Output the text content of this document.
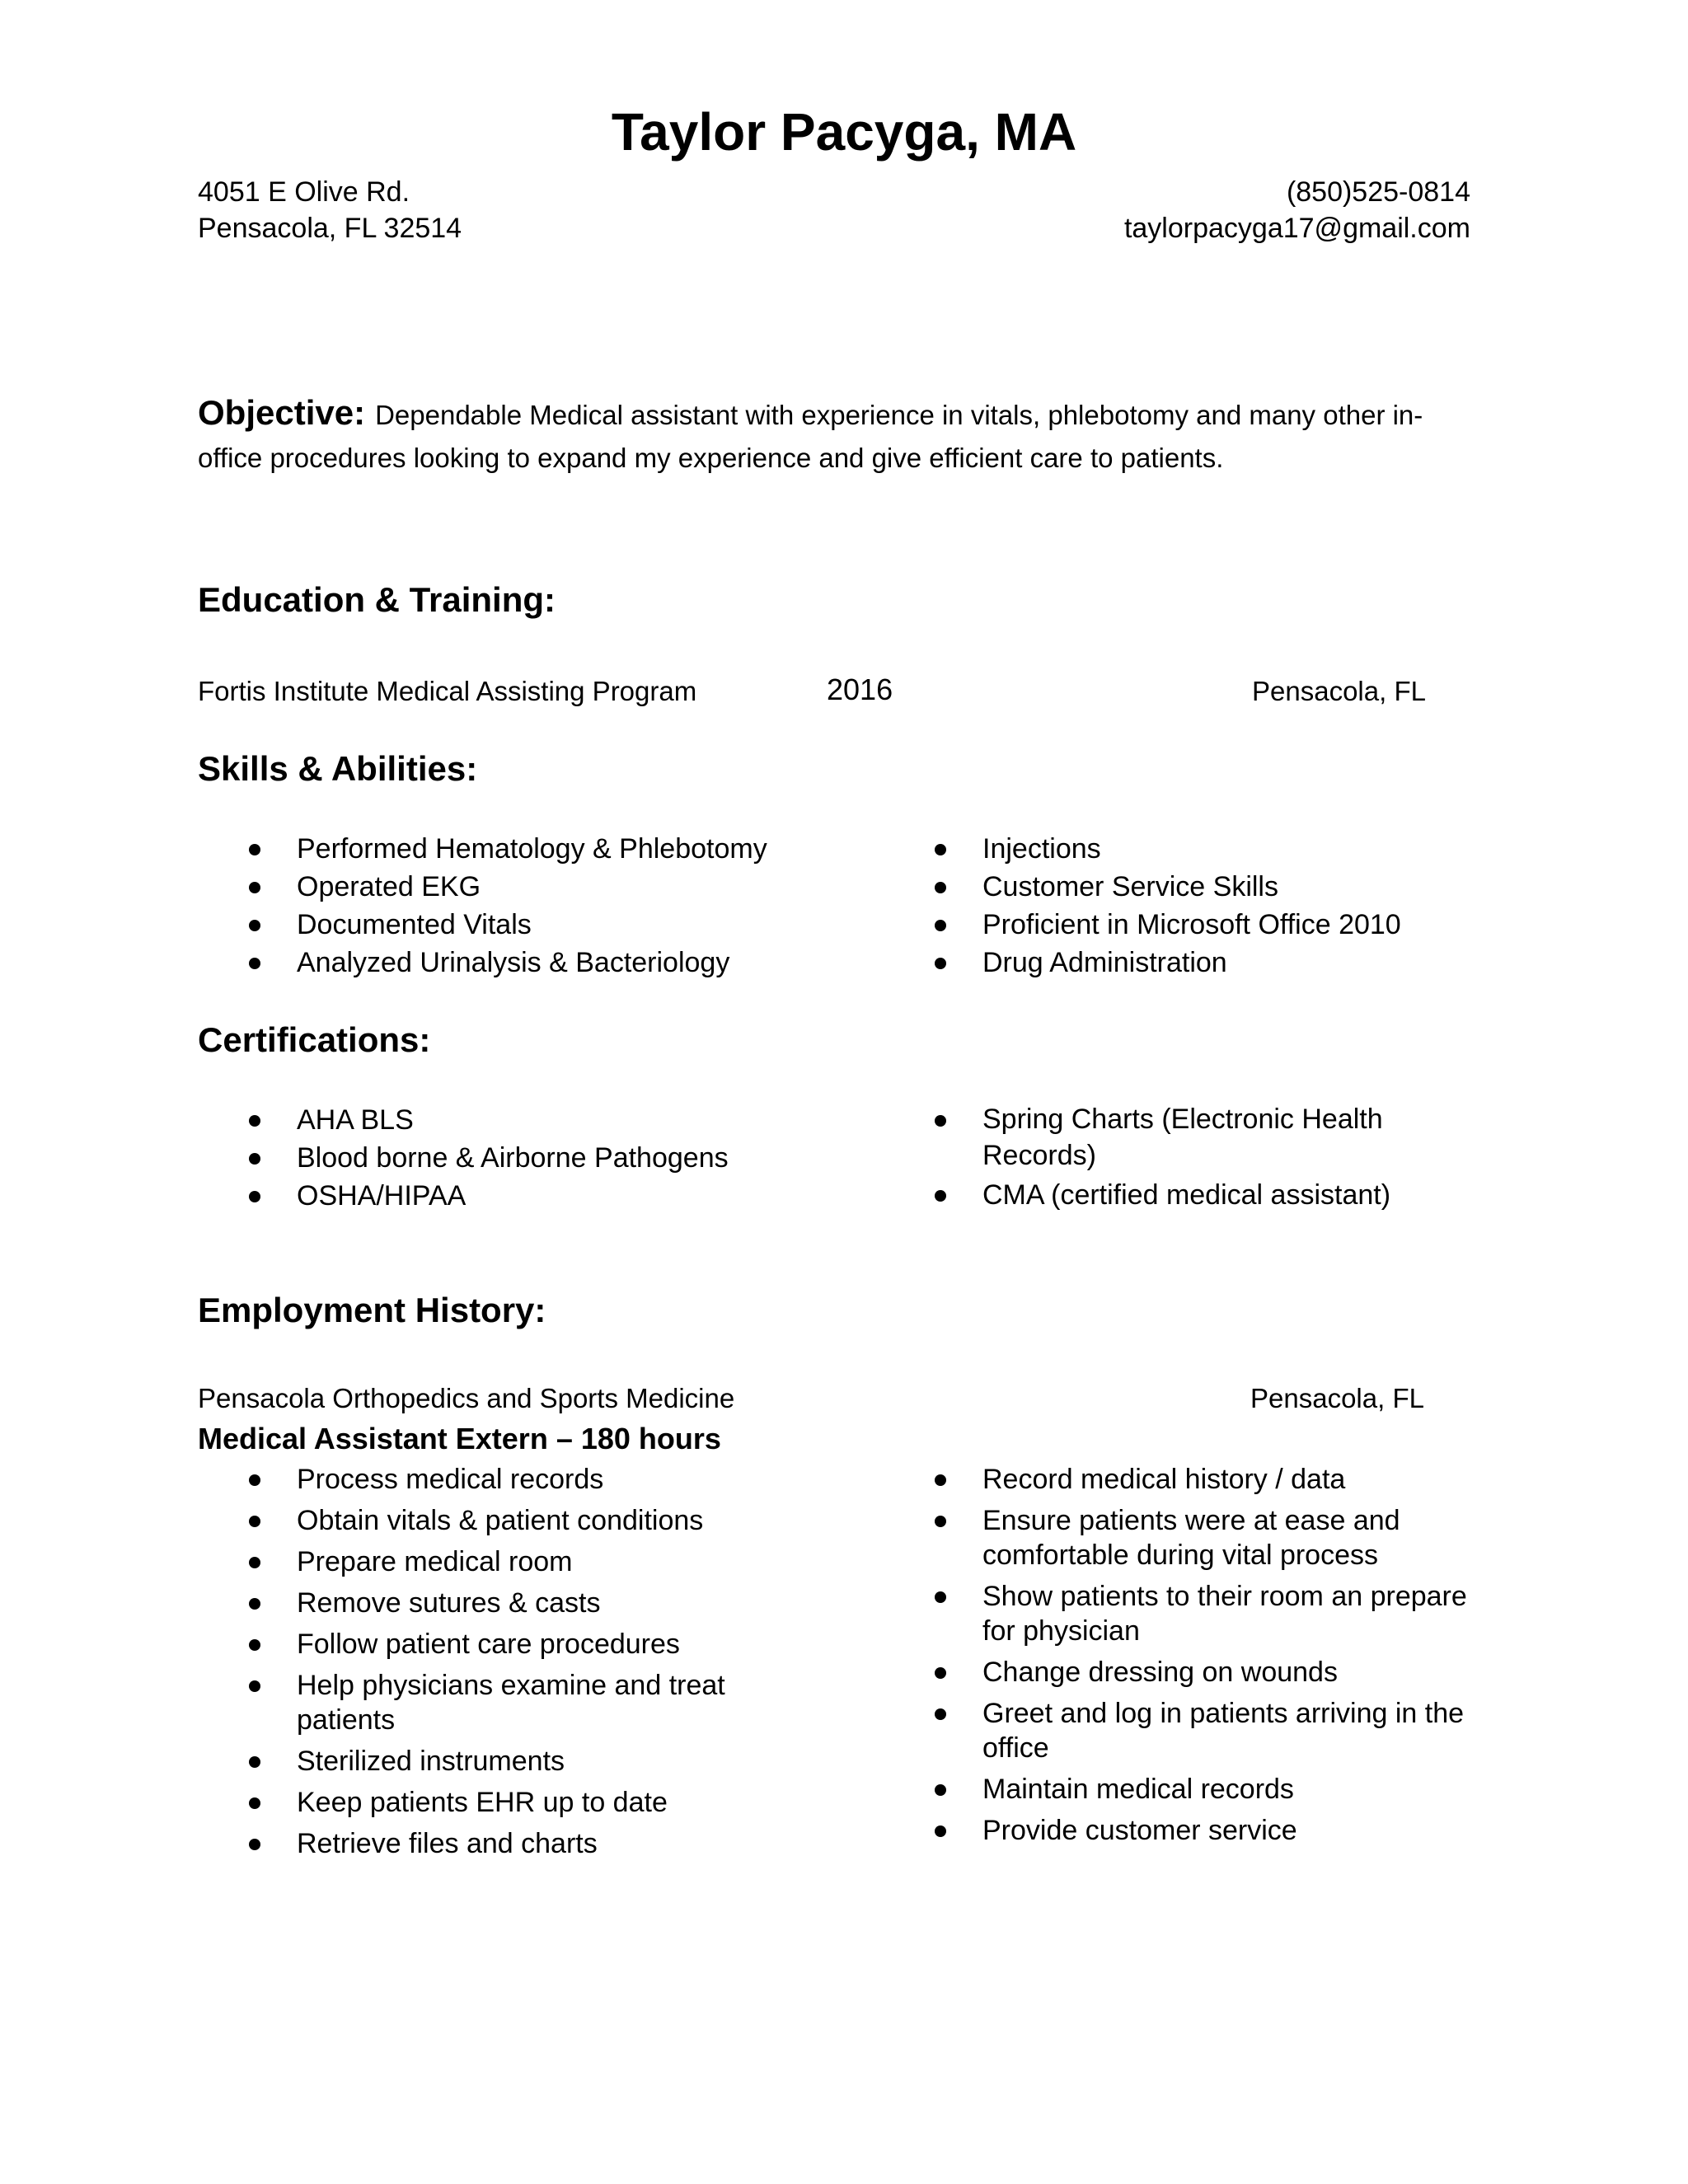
Taylor Pacyga, MA
4051 E Olive Rd.
Pensacola, FL 32514
(850)525-0814
taylorpacyga17@gmail.com
Objective: Dependable Medical assistant with experience in vitals, phlebotomy and many other in-office procedures looking to expand my experience and give efficient care to patients.
Education & Training:
Fortis Institute Medical Assisting Program	2016	Pensacola, FL
Skills & Abilities:
Performed Hematology & Phlebotomy
Operated EKG
Documented Vitals
Analyzed Urinalysis & Bacteriology
Injections
Customer Service Skills
Proficient in Microsoft Office 2010
Drug Administration
Certifications:
AHA BLS
Blood borne & Airborne Pathogens
OSHA/HIPAA
Spring Charts (Electronic Health Records)
CMA (certified medical assistant)
Employment History:
Pensacola Orthopedics and Sports Medicine	Pensacola, FL
Medical Assistant Extern – 180 hours
Process medical records
Obtain vitals & patient conditions
Prepare medical room
Remove sutures & casts
Follow patient care procedures
Help physicians examine and treat patients
Sterilized instruments
Keep patients EHR up to date
Retrieve files and charts
Record medical history / data
Ensure patients were at ease and comfortable during vital process
Show patients to their room an prepare for physician
Change dressing on wounds
Greet and log in patients arriving in the office
Maintain medical records
Provide customer service
